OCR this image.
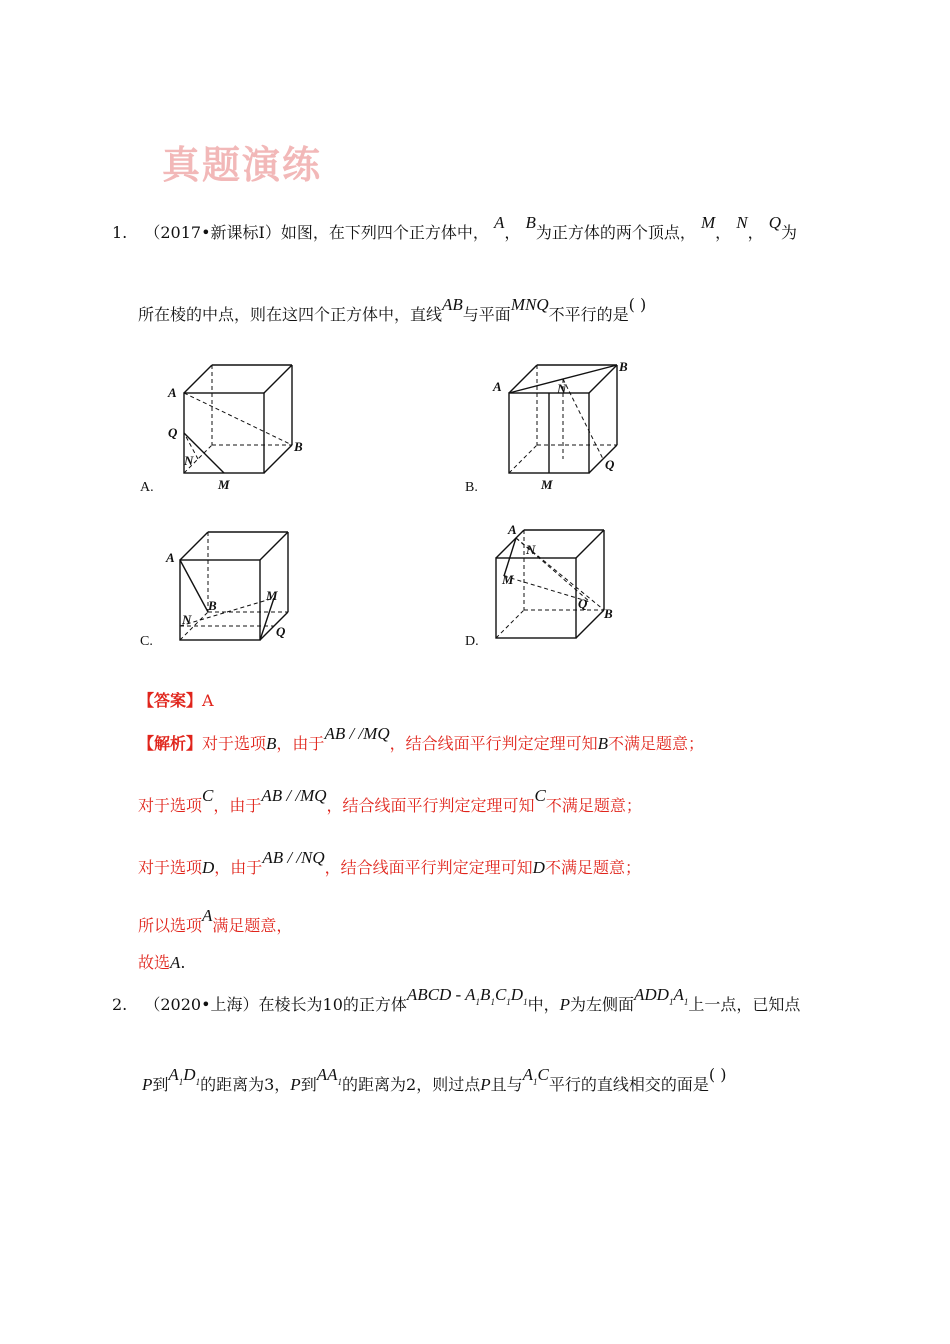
真题演练
1. （2017•新课标Ⅰ）如图，在下列四个正方体中， A， B为正方体的两个顶点， M， N， Q为
所在棱的中点，则在这四个正方体中，直线AB与平面MNQ不平行的是( )
A
B
Q
N
M
A.
A
B
N
Q
M
B.
A
B
M
N
Q
C.
A
N
M
Q
B
D.
【答案】A
【解析】对于选项B，由于AB / /MQ，结合线面平行判定定理可知B不满足题意；
对于选项C，由于AB / /MQ，结合线面平行判定定理可知C不满足题意；
对于选项D，由于AB / /NQ，结合线面平行判定定理可知D不满足题意；
所以选项A满足题意，
故选A.
2. （2020•上海）在棱长为10的正方体ABCD - $A_1B_1C_1D_1$中，P为左侧面$ADD_1A_1$上一点，已知点
P到$A_1D_1$的距离为3，P到$AA_1$的距离为2，则过点P且与$A_1C$平行的直线相交的面是( )
